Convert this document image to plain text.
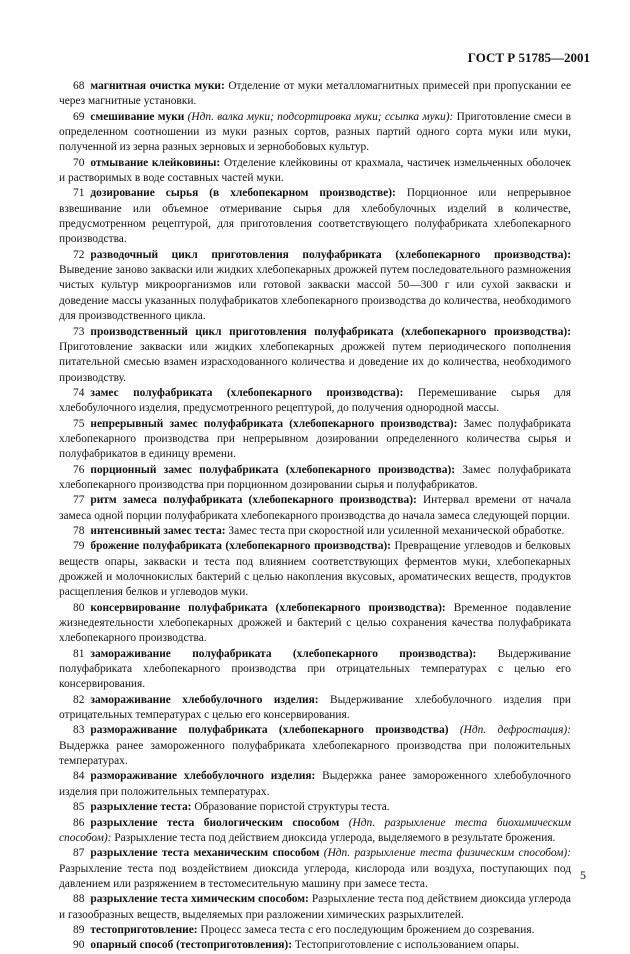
ГОСТ Р 51785—2001

68 магнитная очистка муки: Отделение от муки металломагнитных примесей при пропускании ее через магнитные установки.

69 смешивание муки (Ндп. валка муки; подсортировка муки; ссыпка муки): Приготовление смеси в определенном соотношении из муки разных сортов, разных партий одного сорта муки или муки, полученной из зерна разных зерновых и зернобобовых культур.

70 отмывание клейковины: Отделение клейковины от крахмала, частичек измельченных оболочек и растворимых в воде составных частей муки.

71 дозирование сырья (в хлебопекарном производстве): Порционное или непрерывное взвешивание или объемное отмеривание сырья для хлебобулочных изделий в количестве, предусмотренном рецептурой, для приготовления соответствующего полуфабриката хлебопекарного производства.

72 разводочный цикл приготовления полуфабриката (хлебопекарного производства): Выведение заново закваски или жидких хлебопекарных дрожжей путем последовательного размножения чистых культур микроорганизмов или готовой закваски массой 50—300 г или сухой закваски и доведение массы указанных полуфабрикатов хлебопекарного производства до количества, необходимого для производственного цикла.

73 производственный цикл приготовления полуфабриката (хлебопекарного производства): Приготовление закваски или жидких хлебопекарных дрожжей путем периодического пополнения питательной смесью взамен израсходованного количества и доведение их до количества, необходимого производству.

74 замес полуфабриката (хлебопекарного производства): Перемешивание сырья для хлебобулочного изделия, предусмотренного рецептурой, до получения однородной массы.

75 непрерывный замес полуфабриката (хлебопекарного производства): Замес полуфабриката хлебопекарного производства при непрерывном дозировании определенного количества сырья и полуфабрикатов в единицу времени.

76 порционный замес полуфабриката (хлебопекарного производства): Замес полуфабриката хлебопекарного производства при порционном дозировании сырья и полуфабрикатов.

77 ритм замеса полуфабриката (хлебопекарного производства): Интервал времени от начала замеса одной порции полуфабриката хлебопекарного производства до начала замеса следующей порции.

78 интенсивный замес теста: Замес теста при скоростной или усиленной механической обработке.

79 брожение полуфабриката (хлебопекарного производства): Превращение углеводов и белковых веществ опары, закваски и теста под влиянием соответствующих ферментов муки, хлебопекарных дрожжей и молочнокислых бактерий с целью накопления вкусовых, ароматических веществ, продуктов расщепления белков и углеводов муки.

80 консервирование полуфабриката (хлебопекарного производства): Временное подавление жизнедеятельности хлебопекарных дрожжей и бактерий с целью сохранения качества полуфабриката хлебопекарного производства.

81 замораживание полуфабриката (хлебопекарного производства): Выдерживание полуфабриката хлебопекарного производства при отрицательных температурах с целью его консервирования.

82 замораживание хлебобулочного изделия: Выдерживание хлебобулочного изделия при отрицательных температурах с целью его консервирования.

83 размораживание полуфабриката (хлебопекарного производства) (Ндп. дефростация): Выдержка ранее замороженного полуфабриката хлебопекарного производства при положительных температурах.

84 размораживание хлебобулочного изделия: Выдержка ранее замороженного хлебобулочного изделия при положительных температурах.

85 разрыхление теста: Образование пористой структуры теста.

86 разрыхление теста биологическим способом (Ндп. разрыхление теста биохимическим способом): Разрыхление теста под действием диоксида углерода, выделяемого в результате брожения.

87 разрыхление теста механическим способом (Ндп. разрыхление теста физическим способом): Разрыхление теста под воздействием диоксида углерода, кислорода или воздуха, поступающих под давлением или разряжением в тестомесительную машину при замесе теста.

88 разрыхление теста химическим способом: Разрыхление теста под действием диоксида углерода и газообразных веществ, выделяемых при разложении химических разрыхлителей.

89 тестоприготовление: Процесс замеса теста с его последующим брожением до созревания.

90 опарный способ (тестоприготовления): Тестоприготовление с использованием опары.

5
